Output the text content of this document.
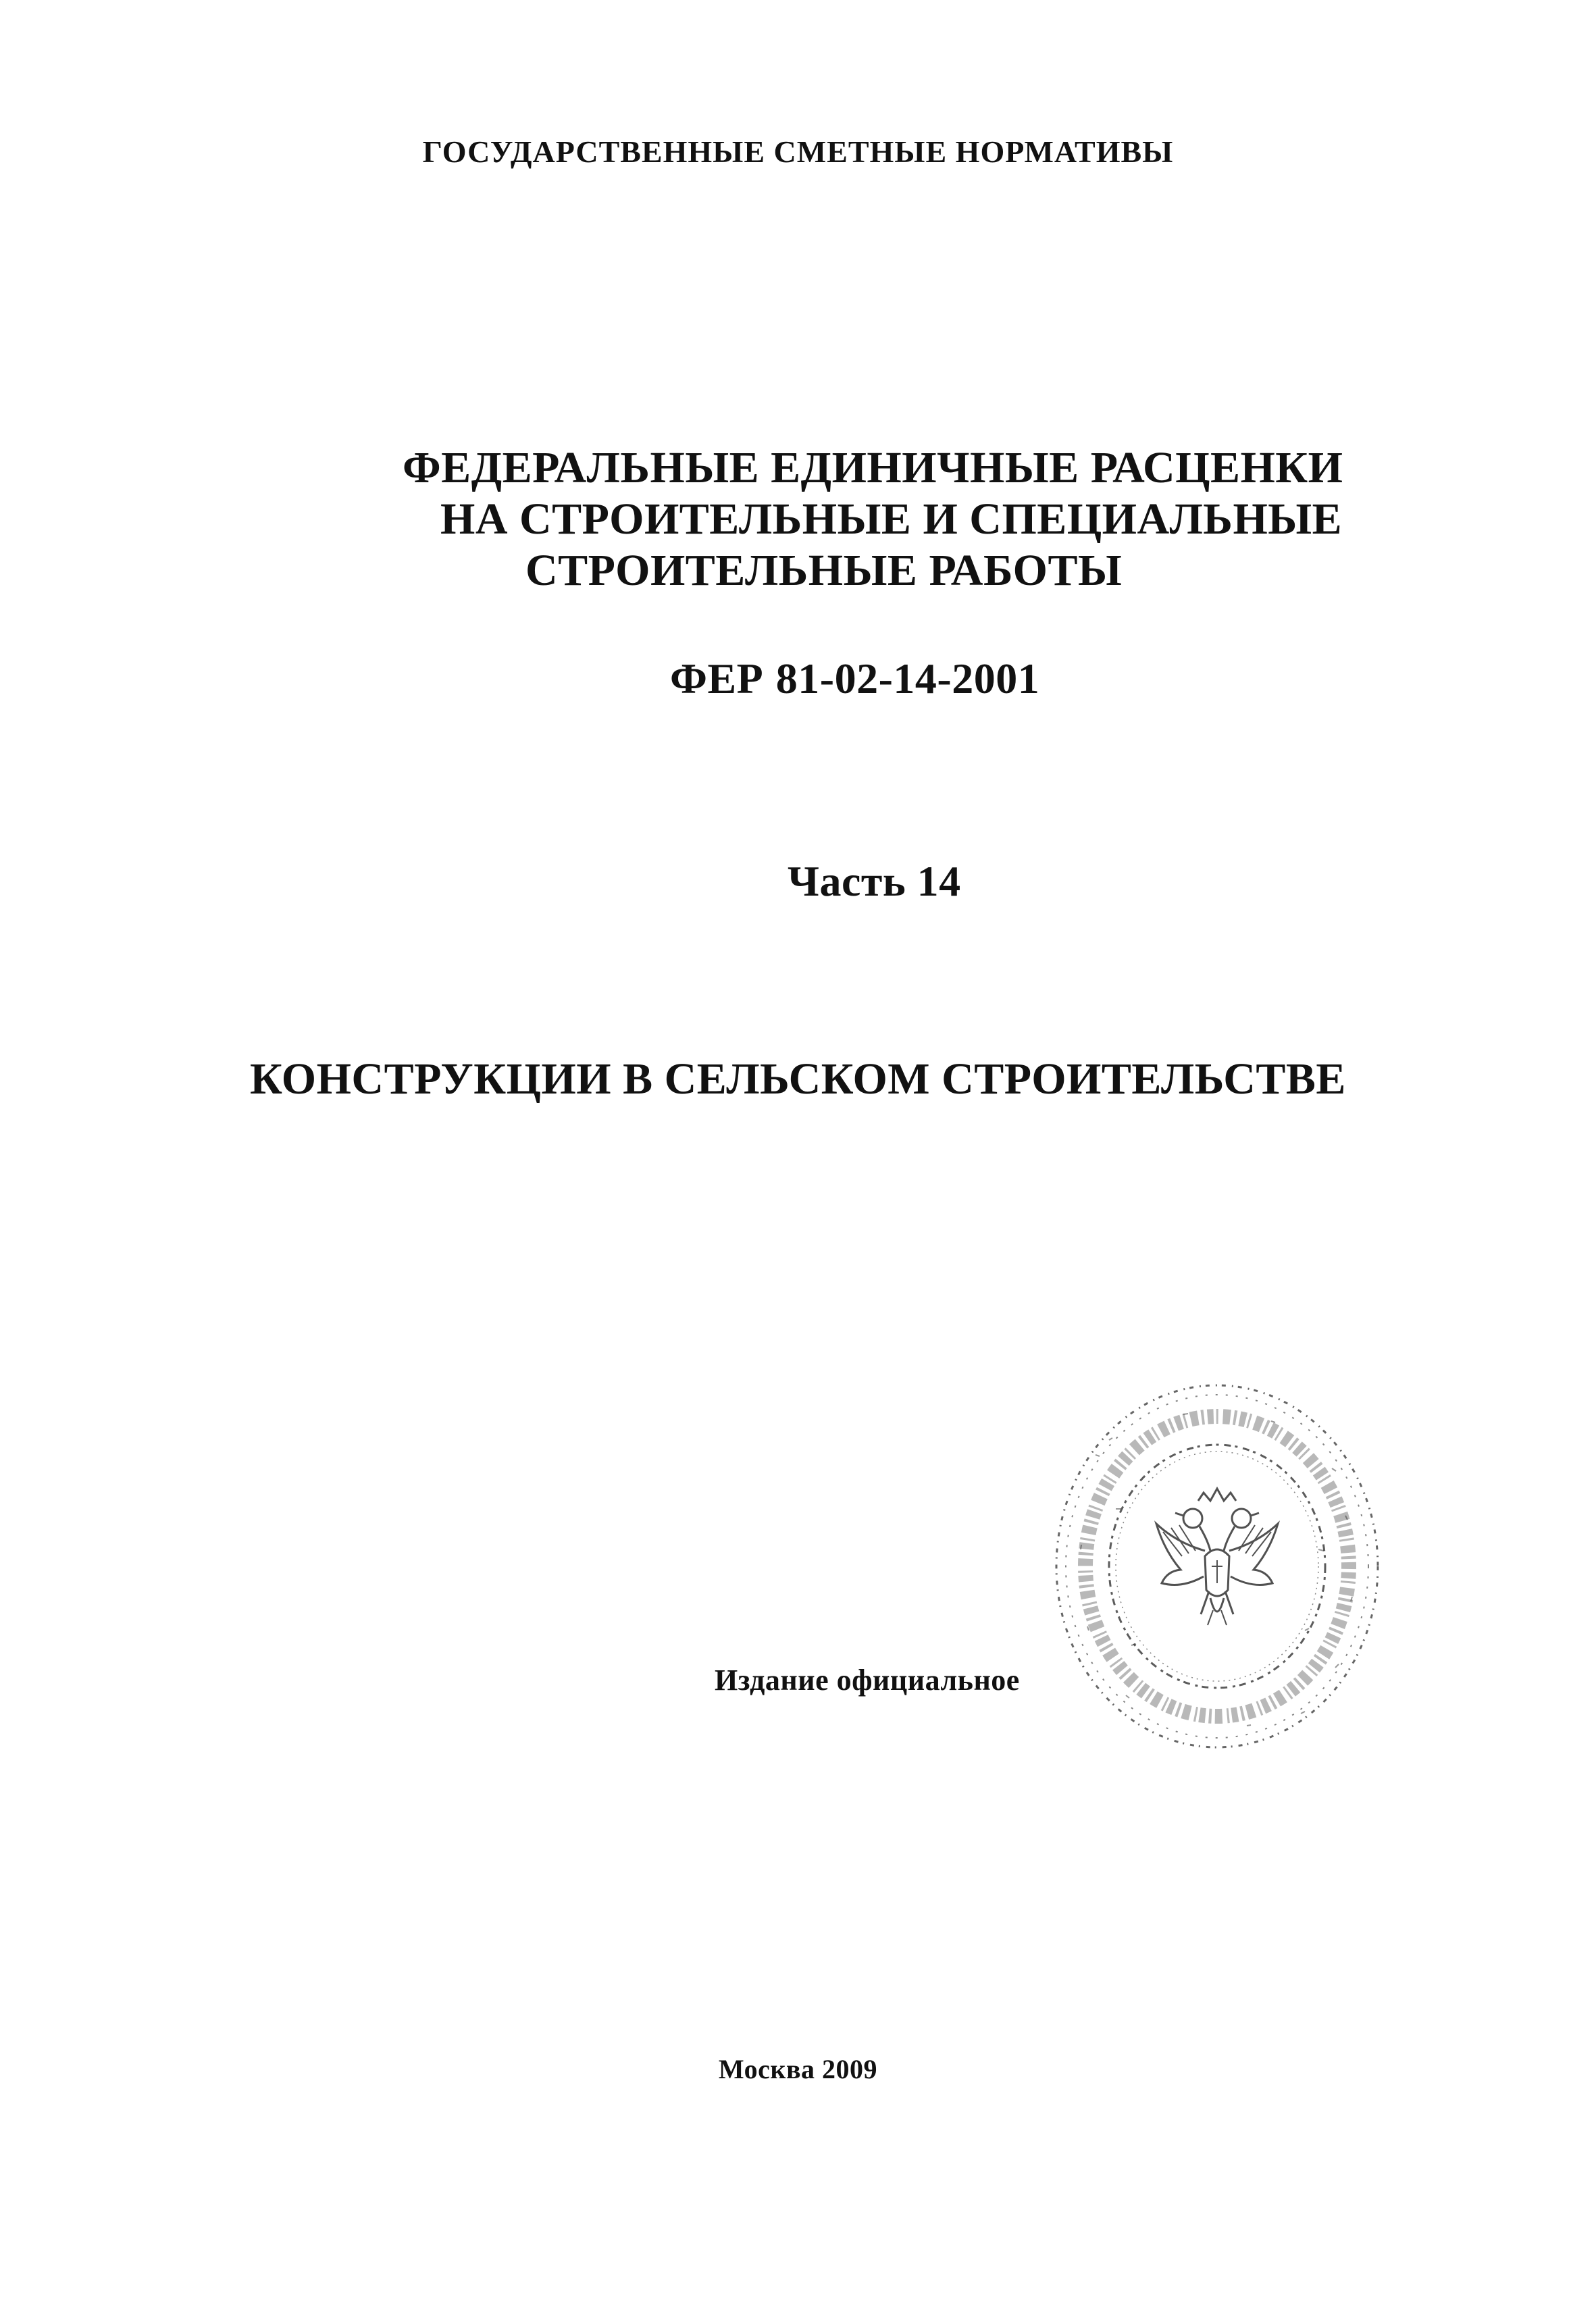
ГОСУДАРСТВЕННЫЕ СМЕТНЫЕ НОРМАТИВЫ
ФЕДЕРАЛЬНЫЕ ЕДИНИЧНЫЕ РАСЦЕНКИ
НА СТРОИТЕЛЬНЫЕ И СПЕЦИАЛЬНЫЕ
СТРОИТЕЛЬНЫЕ РАБОТЫ
ФЕР 81-02-14-2001
Часть 14
КОНСТРУКЦИИ В СЕЛЬСКОМ СТРОИТЕЛЬСТВЕ
Издание официальное
Москва 2009
